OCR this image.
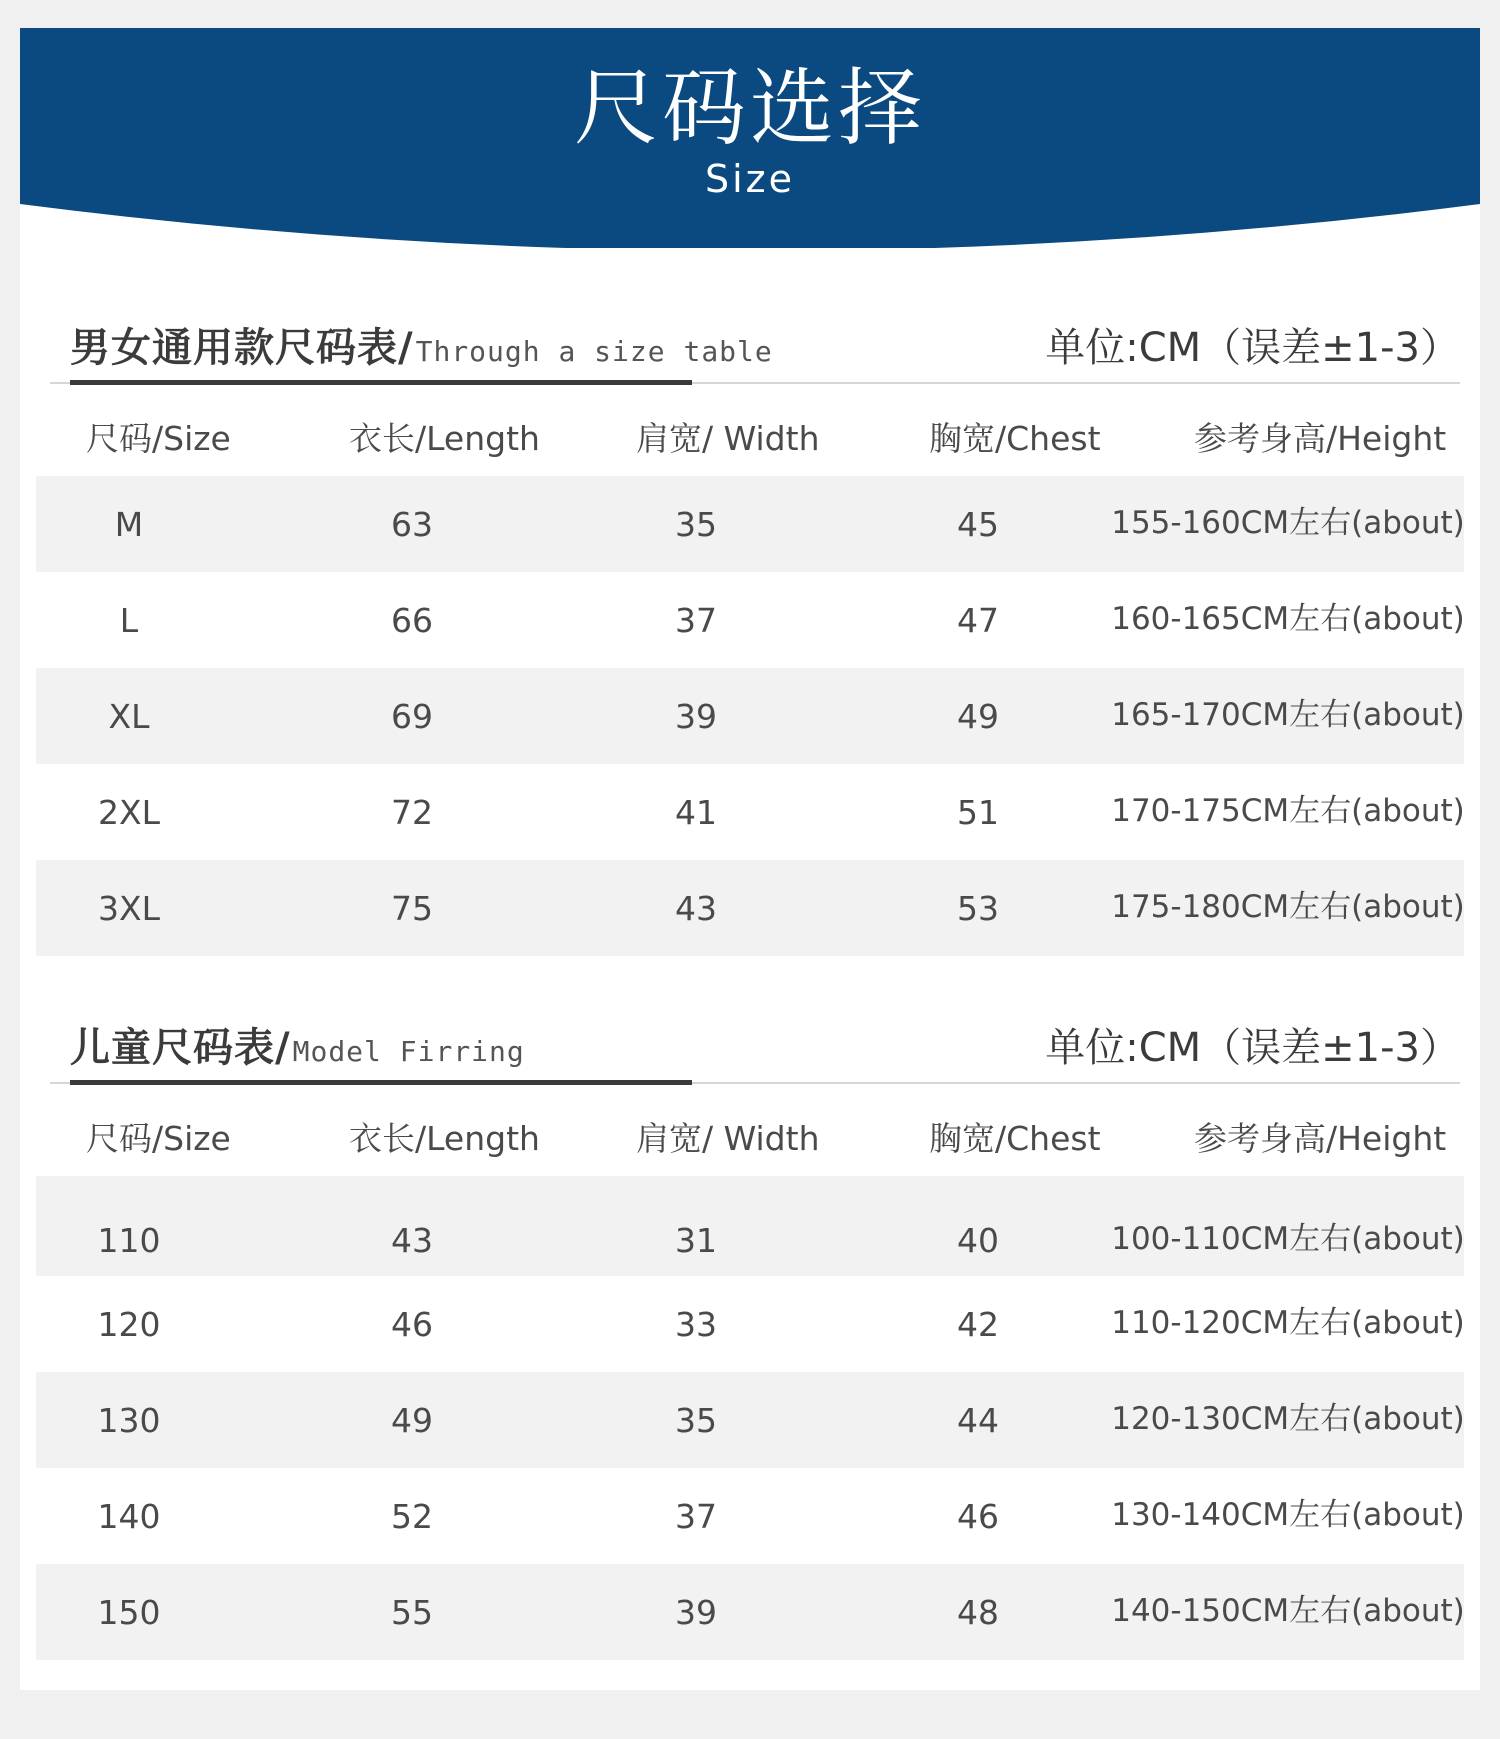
尺码选择
Size
男女通用款尺码表/Through a size table	单位:CM（误差±1-3）
尺码/Size	衣长/Length	肩宽/ Width	胸宽/Chest	参考身高/Height
M	63	35	45	155-160CM左右(about)
L	66	37	47	160-165CM左右(about)
XL	69	39	49	165-170CM左右(about)
2XL	72	41	51	170-175CM左右(about)
3XL	75	43	53	175-180CM左右(about)
儿童尺码表/Model Firring	单位:CM（误差±1-3）
尺码/Size	衣长/Length	肩宽/ Width	胸宽/Chest	参考身高/Height
110	43	31	40	100-110CM左右(about)
120	46	33	42	110-120CM左右(about)
130	49	35	44	120-130CM左右(about)
140	52	37	46	130-140CM左右(about)
150	55	39	48	140-150CM左右(about)
